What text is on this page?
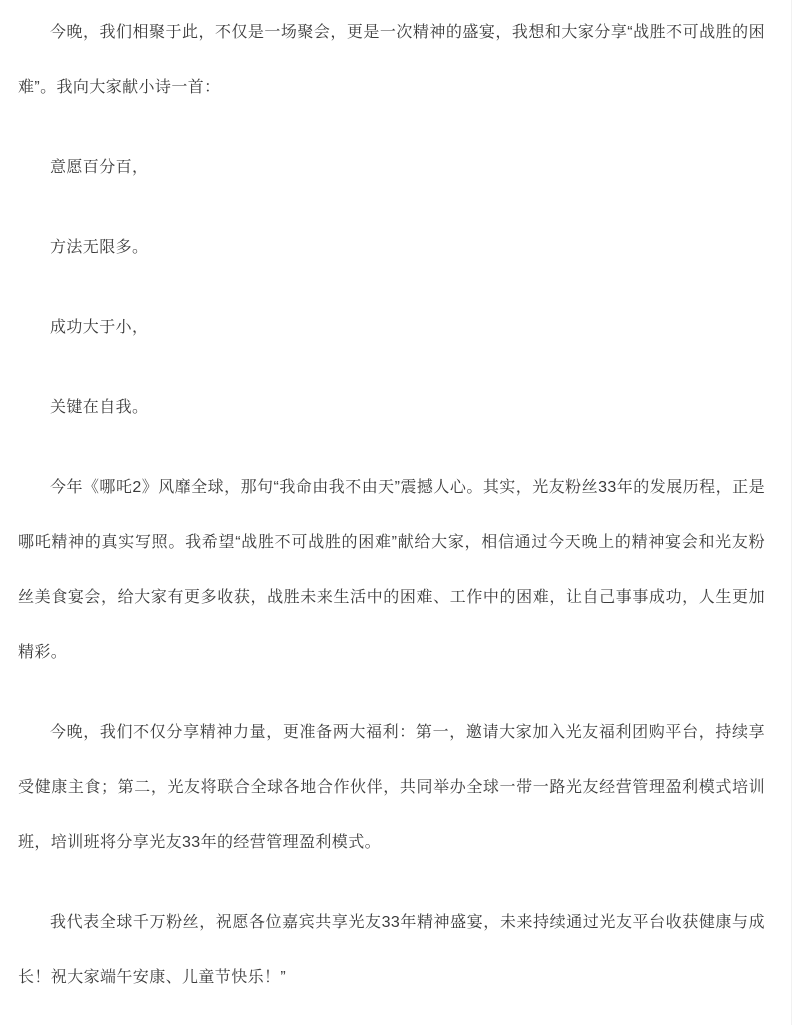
今晚，我们相聚于此，不仅是一场聚会，更是一次精神的盛宴，我想和大家分享“战胜不可战胜的困难”。我向大家献小诗一首：

意愿百分百，

方法无限多。

成功大于小，

关键在自我。

今年《哪吒2》风靡全球，那句“我命由我不由天”震撼人心。其实，光友粉丝33年的发展历程，正是哪吒精神的真实写照。我希望“战胜不可战胜的困难”献给大家，相信通过今天晚上的精神宴会和光友粉丝美食宴会，给大家有更多收获，战胜未来生活中的困难、工作中的困难，让自己事事成功，人生更加精彩。

今晚，我们不仅分享精神力量，更准备两大福利：第一，邀请大家加入光友福利团购平台，持续享受健康主食；第二，光友将联合全球各地合作伙伴，共同举办全球一带一路光友经营管理盈利模式培训班，培训班将分享光友33年的经营管理盈利模式。

我代表全球千万粉丝，祝愿各位嘉宾共享光友33年精神盛宴，未来持续通过光友平台收获健康与成长！祝大家端午安康、儿童节快乐！”
